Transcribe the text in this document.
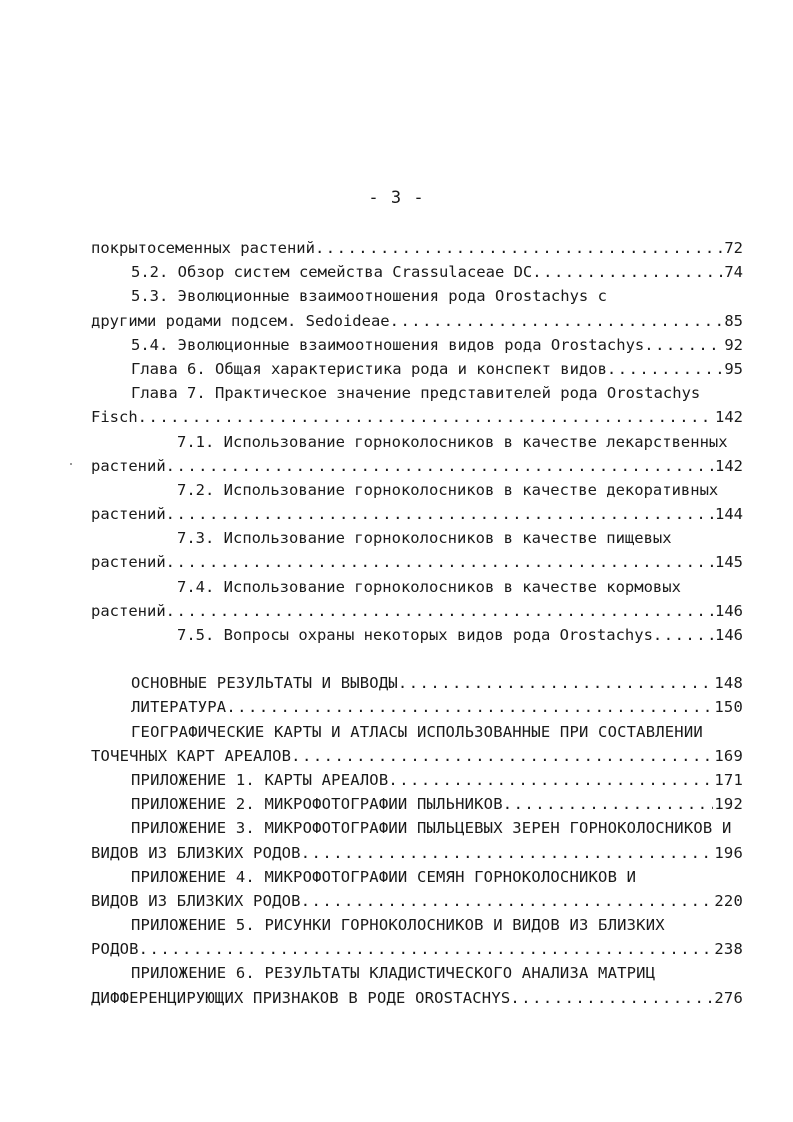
- 3 -
покрытосеменных растений .....	72
5.2. Обзор систем семейства Crassulaceae DC .....	74
5.3. Эволюционные взаимоотношения рода Orostachys с
другими родами подсем. Sedoideae .....	85
5.4. Эволюционные взаимоотношения видов рода Orostachys .....	92
Глава 6. Общая характеристика рода и конспект видов .....	95
Глава 7. Практическое значение представителей рода Orostachys
Fisch .....	142
7.1. Использование горноколосников в качестве лекарственных
растений .....	142
7.2. Использование горноколосников в качестве декоративных
растений .....	144
7.3. Использование горноколосников в качестве пищевых
растений .....	145
7.4. Использование горноколосников в качестве кормовых
растений .....	146
7.5. Вопросы охраны некоторых видов рода Orostachys .....	146
ОСНОВНЫЕ РЕЗУЛЬТАТЫ И ВЫВОДЫ .....	148
ЛИТЕРАТУРА .....	150
ГЕОГРАФИЧЕСКИЕ КАРТЫ И АТЛАСЫ ИСПОЛЬЗОВАННЫЕ ПРИ СОСТАВЛЕНИИ
ТОЧЕЧНЫХ КАРТ АРЕАЛОВ .....	169
ПРИЛОЖЕНИЕ 1. КАРТЫ АРЕАЛОВ .....	171
ПРИЛОЖЕНИЕ 2. МИКРОФОТОГРАФИИ ПЫЛЬНИКОВ .....	192
ПРИЛОЖЕНИЕ 3. МИКРОФОТОГРАФИИ ПЫЛЬЦЕВЫХ ЗЕРЕН ГОРНОКОЛОСНИКОВ И
ВИДОВ ИЗ БЛИЗКИХ РОДОВ .....	196
ПРИЛОЖЕНИЕ 4. МИКРОФОТОГРАФИИ СЕМЯН ГОРНОКОЛОСНИКОВ И
ВИДОВ ИЗ БЛИЗКИХ РОДОВ .....	220
ПРИЛОЖЕНИЕ 5. РИСУНКИ ГОРНОКОЛОСНИКОВ И ВИДОВ ИЗ БЛИЗКИХ
РОДОВ .....	238
ПРИЛОЖЕНИЕ 6. РЕЗУЛЬТАТЫ КЛАДИСТИЧЕСКОГО АНАЛИЗА МАТРИЦ
ДИФФЕРЕНЦИРУЮЩИХ ПРИЗНАКОВ В РОДЕ OROSTACHYS .....	276
